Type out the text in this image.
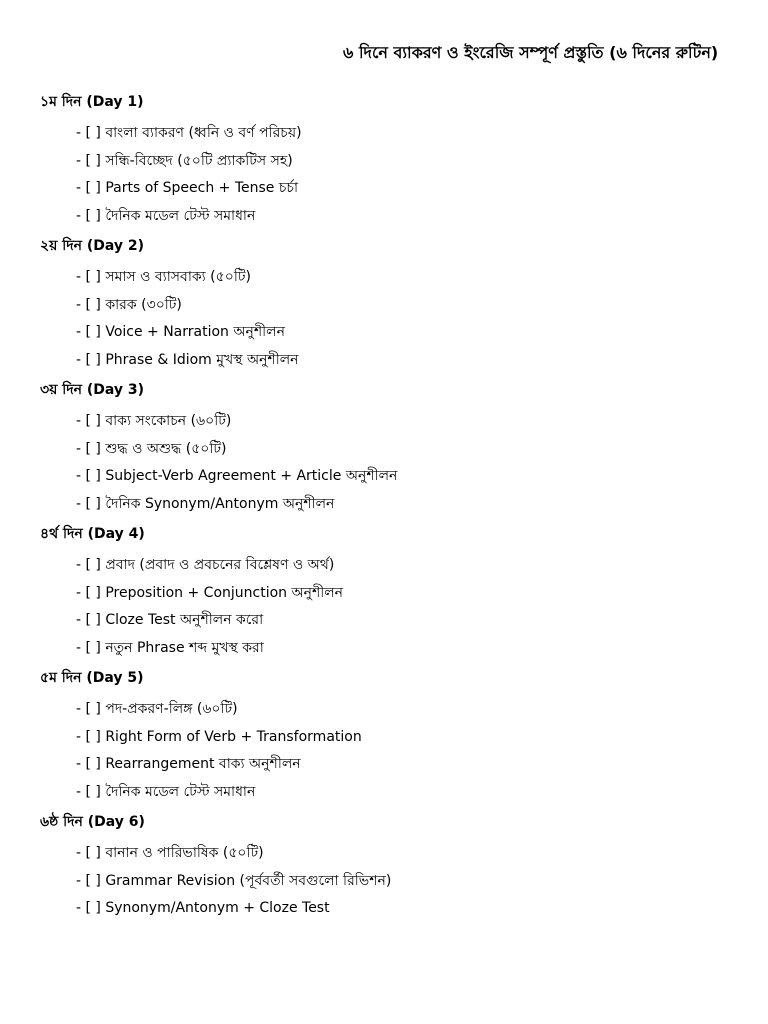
৬ দিনে ব্যাকরণ ও ইংরেজি সম্পূর্ণ প্রস্তুতি (৬ দিনের রুটিন)
১ম দিন (Day 1)
- [ ] বাংলা ব্যাকরণ (ধ্বনি ও বর্ণ পরিচয়)
- [ ] সন্ধি-বিচ্ছেদ (৫০টি প্র্যাকটিস সহ)
- [ ] Parts of Speech + Tense চর্চা
- [ ] দৈনিক মডেল টেস্ট সমাধান
২য় দিন (Day 2)
- [ ] সমাস ও ব্যাসবাক্য (৫০টি)
- [ ] কারক (৩০টি)
- [ ] Voice + Narration অনুশীলন
- [ ] Phrase & Idiom মুখস্থ অনুশীলন
৩য় দিন (Day 3)
- [ ] বাক্য সংকোচন (৬০টি)
- [ ] শুদ্ধ ও অশুদ্ধ (৫০টি)
- [ ] Subject-Verb Agreement + Article অনুশীলন
- [ ] দৈনিক Synonym/Antonym অনুশীলন
৪র্থ দিন (Day 4)
- [ ] প্রবাদ (প্রবাদ ও প্রবচনের বিশ্লেষণ ও অর্থ)
- [ ] Preposition + Conjunction অনুশীলন
- [ ] Cloze Test অনুশীলন করো
- [ ] নতুন Phrase শব্দ মুখস্থ করা
৫ম দিন (Day 5)
- [ ] পদ-প্রকরণ-লিঙ্গ (৬০টি)
- [ ] Right Form of Verb + Transformation
- [ ] Rearrangement বাক্য অনুশীলন
- [ ] দৈনিক মডেল টেস্ট সমাধান
৬ষ্ঠ দিন (Day 6)
- [ ] বানান ও পারিভাষিক (৫০টি)
- [ ] Grammar Revision (পূর্ববর্তী সবগুলো রিভিশন)
- [ ] Synonym/Antonym + Cloze Test
